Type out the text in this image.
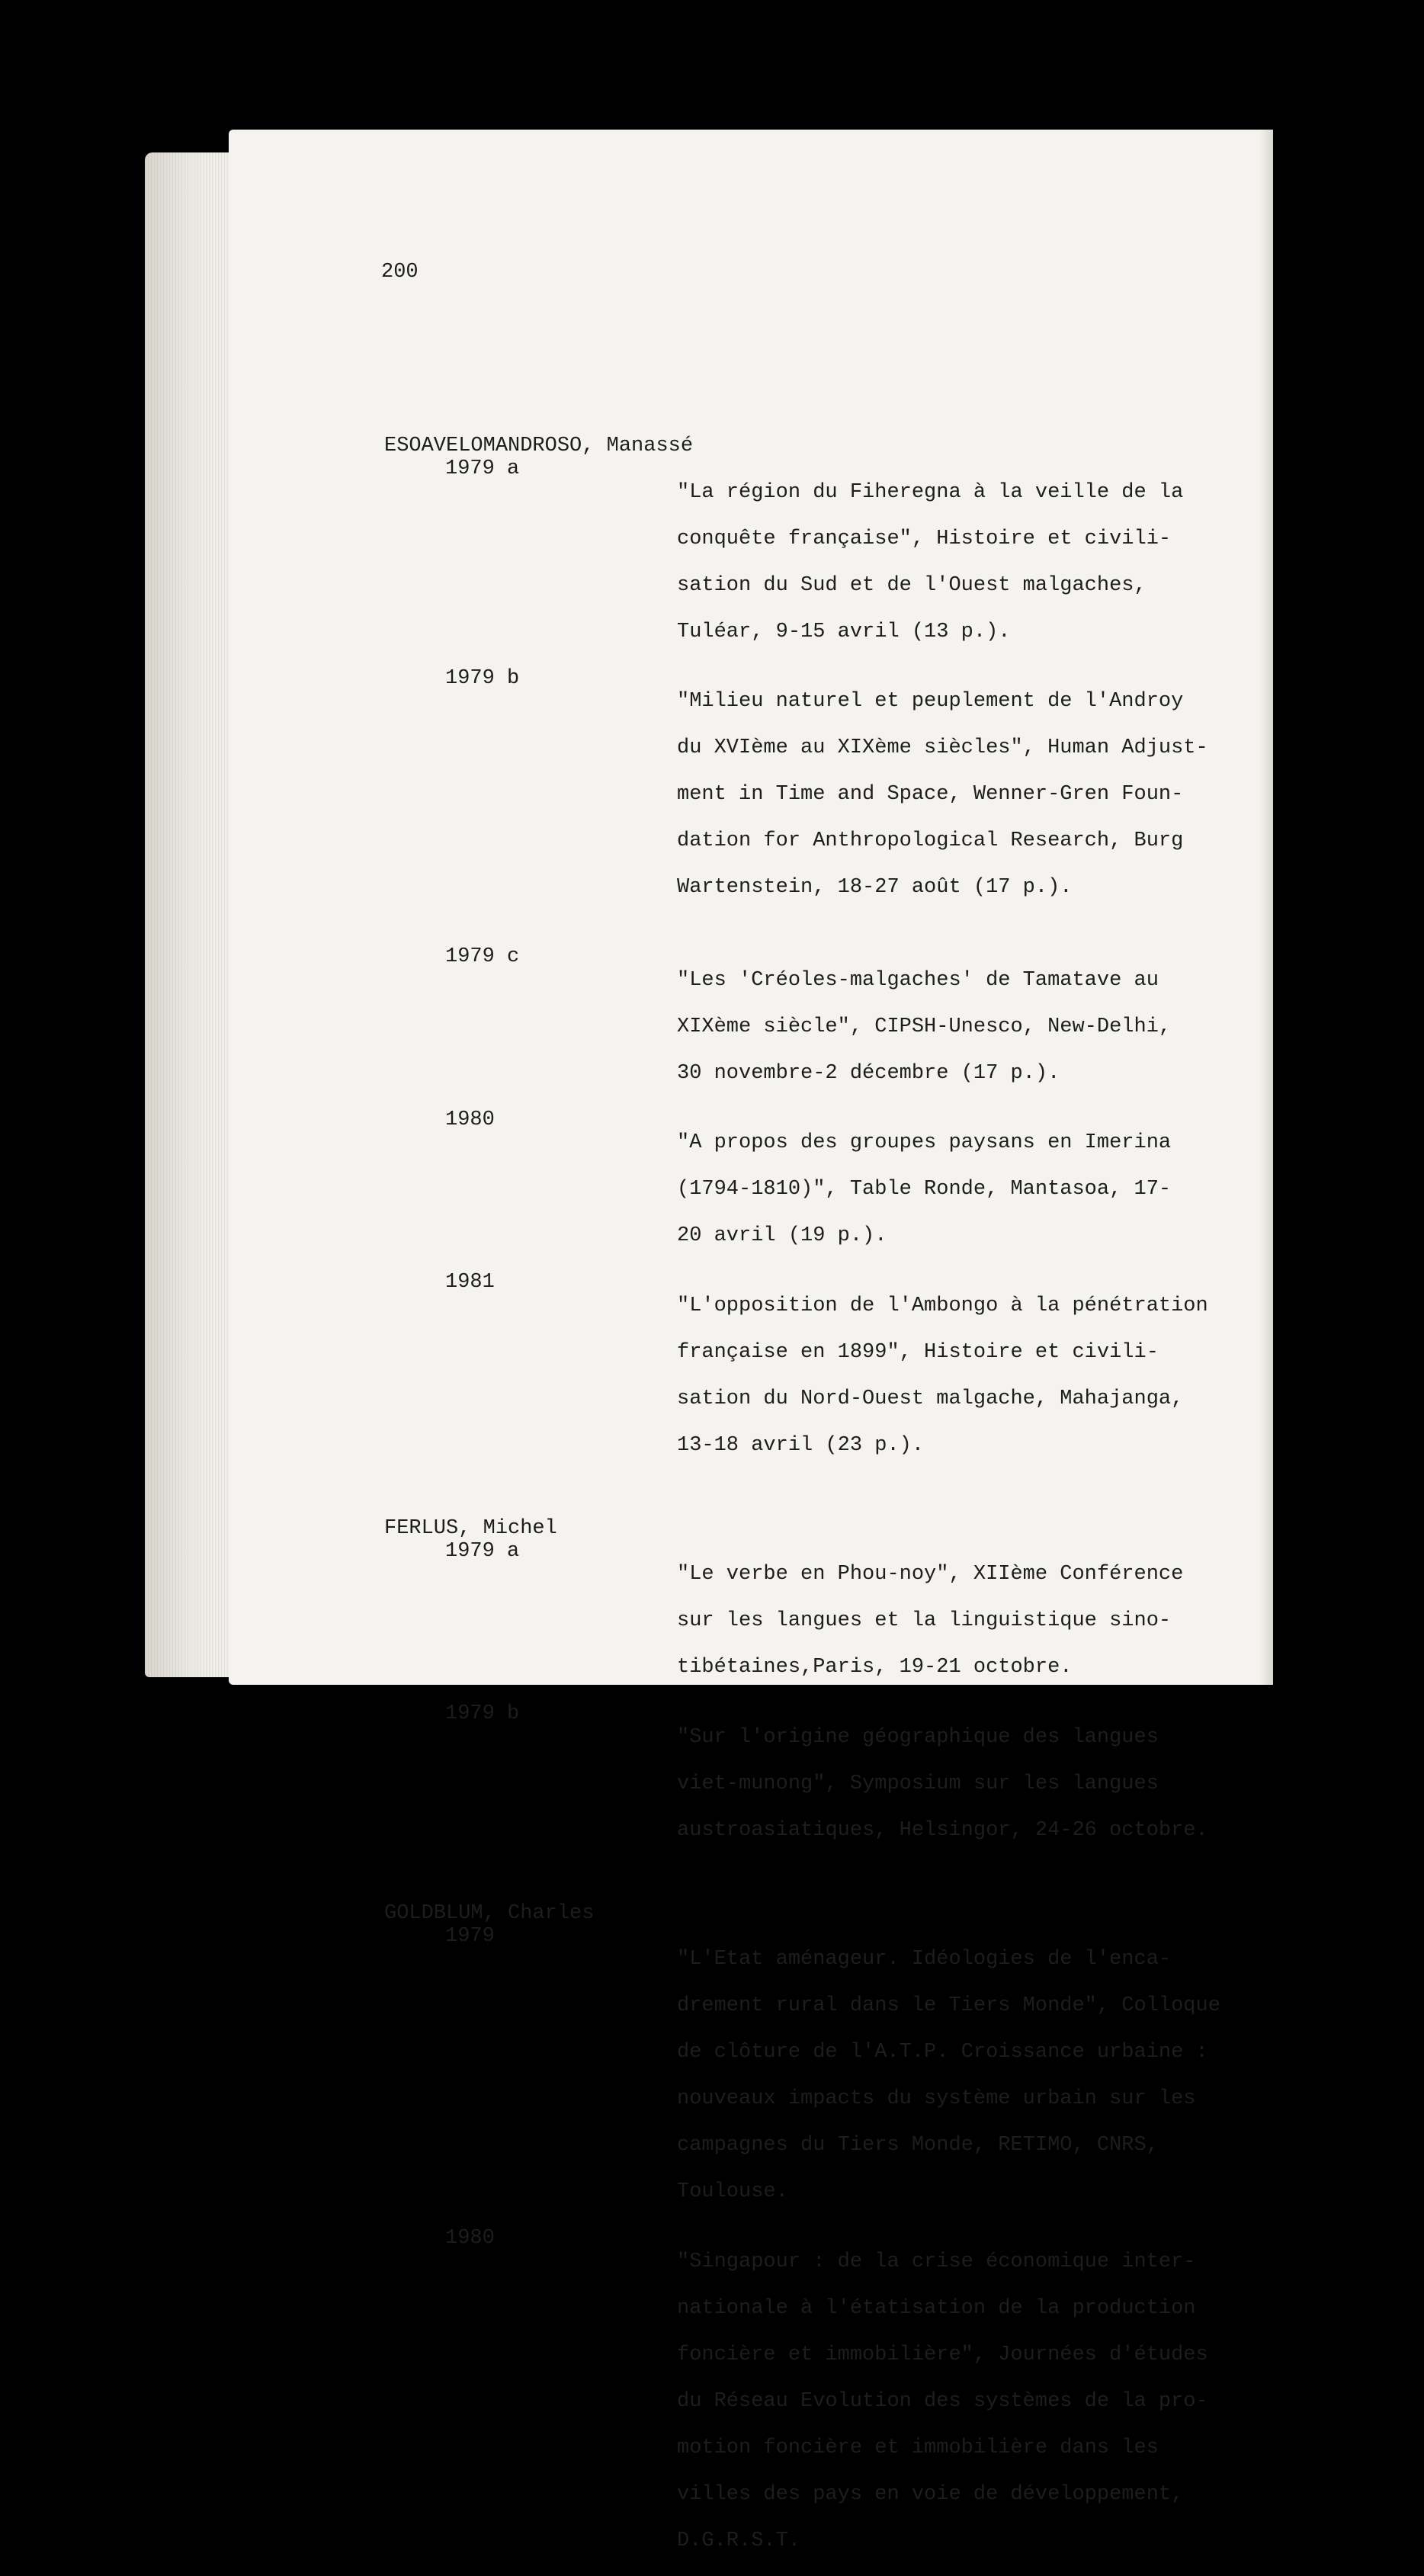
200
ESOAVELOMANDROSO, Manassé
1979 a

"La région du Fiheregna à la veille de la

conquête française", Histoire et civili-

sation du Sud et de l'Ouest malgaches,

Tuléar, 9-15 avril (13 p.).

1979 b

"Milieu naturel et peuplement de l'Androy

du XVIème au XIXème siècles", Human Adjust-

ment in Time and Space, Wenner-Gren Foun-

dation for Anthropological Research, Burg

Wartenstein, 18-27 août (17 p.).

1979 c

"Les 'Créoles-malgaches' de Tamatave au

XIXème siècle", CIPSH-Unesco, New-Delhi,

30 novembre-2 décembre (17 p.).

1980

"A propos des groupes paysans en Imerina

(1794-1810)", Table Ronde, Mantasoa, 17-

20 avril (19 p.).

1981

"L'opposition de l'Ambongo à la pénétration

française en 1899", Histoire et civili-

sation du Nord-Ouest malgache, Mahajanga,

13-18 avril (23 p.).

FERLUS, Michel
1979 a

"Le verbe en Phou-noy", XIIème Conférence

sur les langues et la linguistique sino-

tibétaines,Paris, 19-21 octobre.

1979 b

"Sur l'origine géographique des langues

viet-munong", Symposium sur les langues

austroasiatiques, Helsingor, 24-26 octobre.

GOLDBLUM, Charles
1979

"L'Etat aménageur. Idéologies de l'enca-

drement rural dans le Tiers Monde", Colloque

de clôture de l'A.T.P. Croissance urbaine :

nouveaux impacts du système urbain sur les

campagnes du Tiers Monde, RETIMO, CNRS,

Toulouse.

1980

"Singapour : de la crise économique inter-

nationale à l'étatisation de la production

foncière et immobilière", Journées d'études

du Réseau Evolution des systèmes de la pro-

motion foncière et immobilière dans les

villes des pays en voie de développement,

D.G.R.S.T.
